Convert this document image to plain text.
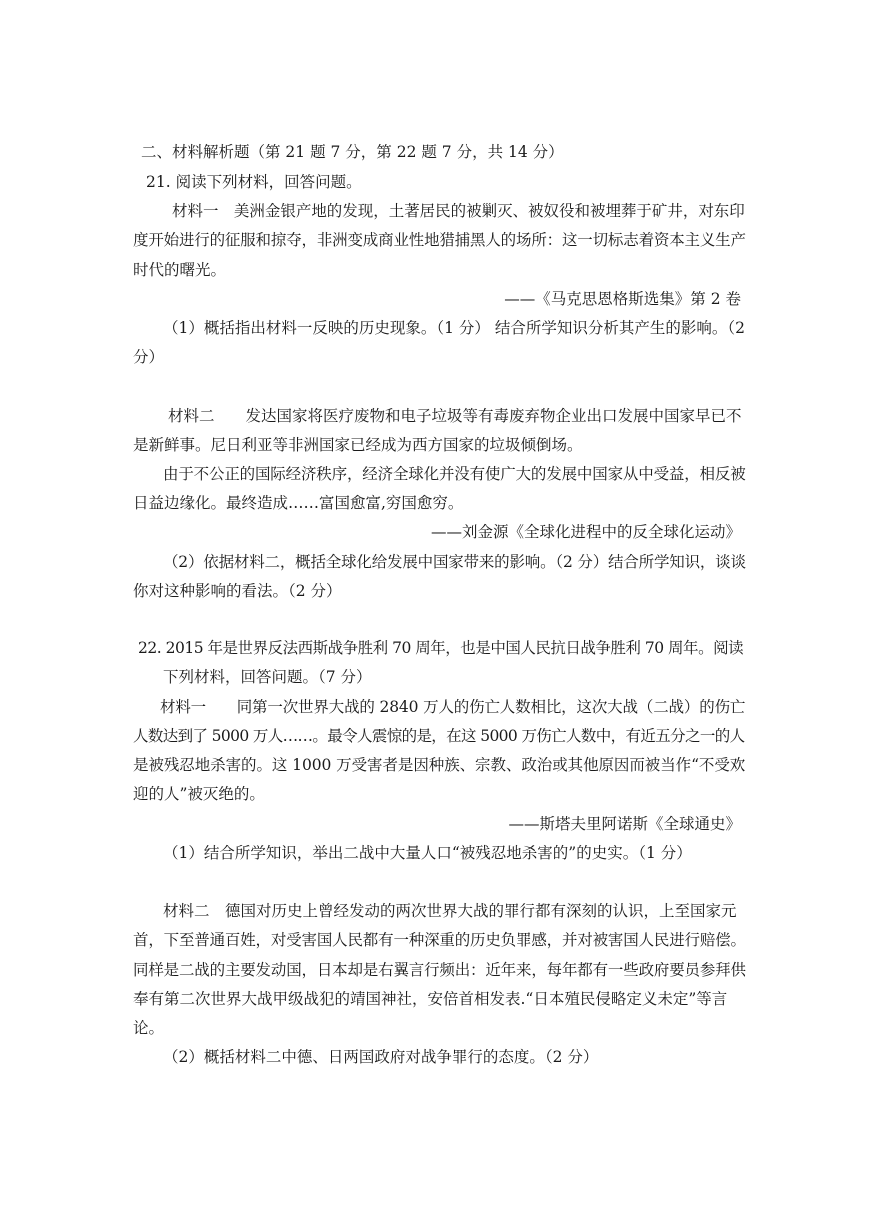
二、材料解析题（第 21 题 7 分，第 22 题 7 分，共 14 分）
21. 阅读下列材料，回答问题。
材料一　美洲金银产地的发现，土著居民的被剿灭、被奴役和被埋葬于矿井，对东印
度开始进行的征服和掠夺，非洲变成商业性地猎捕黑人的场所：这一切标志着资本主义生产
时代的曙光。
——《马克思恩格斯选集》第 2 卷
（1）概括指出材料一反映的历史现象。（1 分） 结合所学知识分析其产生的影响。（2
分）
材料二　　发达国家将医疗废物和电子垃圾等有毒废弃物企业出口发展中国家早已不
是新鲜事。尼日利亚等非洲国家已经成为西方国家的垃圾倾倒场。
由于不公正的国际经济秩序，经济全球化并没有使广大的发展中国家从中受益，相反被
日益边缘化。最终造成……富国愈富,穷国愈穷。
——刘金源《全球化进程中的反全球化运动》
（2）依据材料二，概括全球化给发展中国家带来的影响。（2 分）结合所学知识，谈谈
你对这种影响的看法。（2 分）
22. 2015 年是世界反法西斯战争胜利 70 周年，也是中国人民抗日战争胜利 70 周年。阅读
下列材料，回答问题。（7 分）
材料一　　同第一次世界大战的 2840 万人的伤亡人数相比，这次大战（二战）的伤亡
人数达到了 5000 万人……。最令人震惊的是，在这 5000 万伤亡人数中，有近五分之一的人
是被残忍地杀害的。这 1000 万受害者是因种族、宗教、政治或其他原因而被当作“不受欢
迎的人”被灭绝的。
——斯塔夫里阿诺斯《全球通史》
（1）结合所学知识，举出二战中大量人口“被残忍地杀害的”的史实。（1 分）
材料二　德国对历史上曾经发动的两次世界大战的罪行都有深刻的认识，上至国家元
首，下至普通百姓，对受害国人民都有一种深重的历史负罪感，并对被害国人民进行赔偿。
同样是二战的主要发动国，日本却是右翼言行频出：近年来，每年都有一些政府要员参拜供
奉有第二次世界大战甲级战犯的靖国神社，安倍首相发表.“日本殖民侵略定义未定”等言
论。
（2）概括材料二中德、日两国政府对战争罪行的态度。（2 分）
